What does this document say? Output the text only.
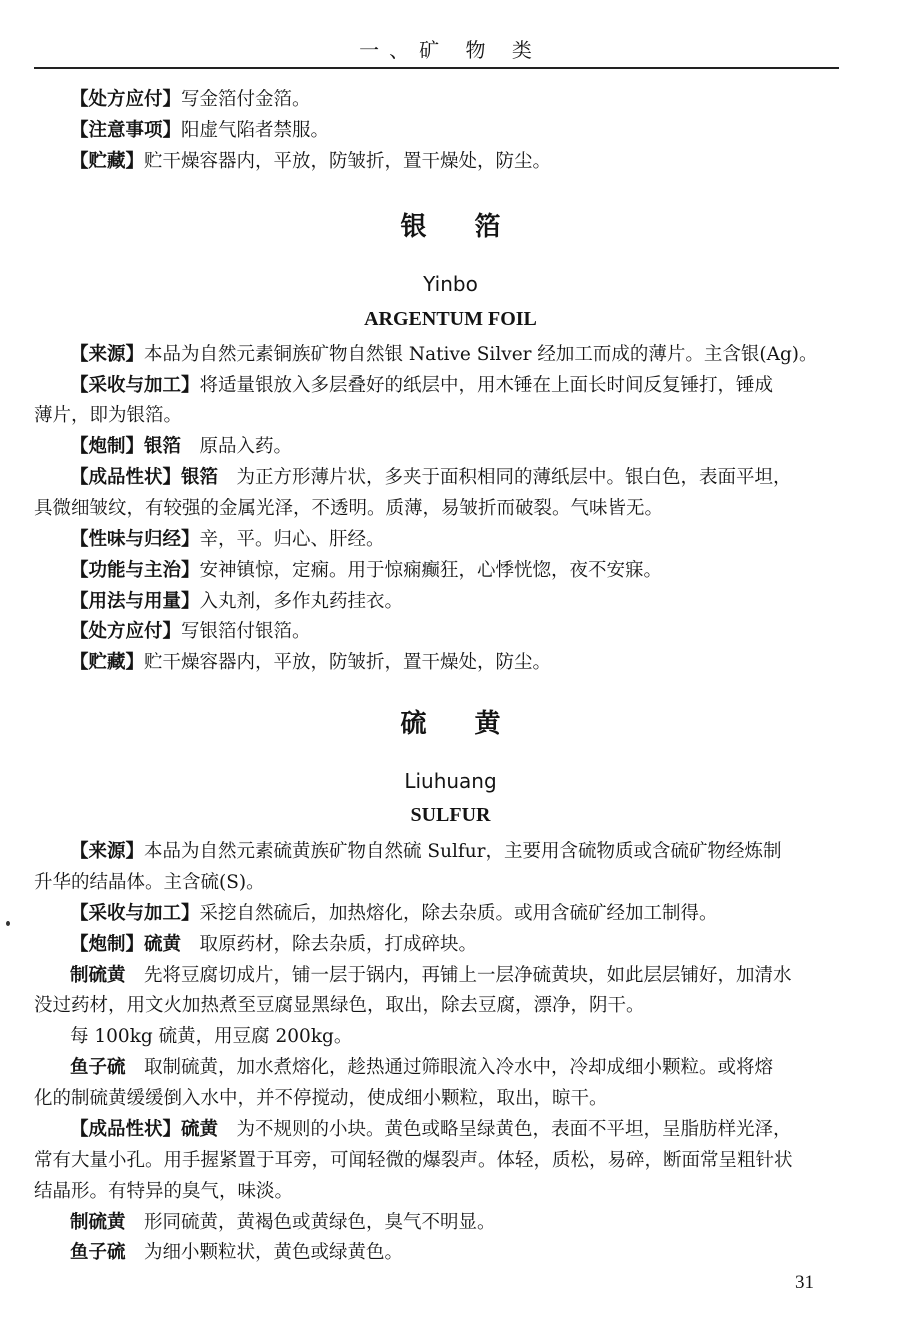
一、矿 物 类
【处方应付】写金箔付金箔。
【注意事项】阳虚气陷者禁服。
【贮藏】贮干燥容器内，平放，防皱折，置干燥处，防尘。
银箔
Yinbo
ARGENTUM FOIL
【来源】本品为自然元素铜族矿物自然银 Native Silver 经加工而成的薄片。主含银(Ag)。
【采收与加工】将适量银放入多层叠好的纸层中，用木锤在上面长时间反复锤打，锤成
薄片，即为银箔。
【炮制】银箔　原品入药。
【成品性状】银箔　为正方形薄片状，多夹于面积相同的薄纸层中。银白色，表面平坦，
具微细皱纹，有较强的金属光泽，不透明。质薄，易皱折而破裂。气味皆无。
【性味与归经】辛，平。归心、肝经。
【功能与主治】安神镇惊，定痫。用于惊痫癫狂，心悸恍惚，夜不安寐。
【用法与用量】入丸剂，多作丸药挂衣。
【处方应付】写银箔付银箔。
【贮藏】贮干燥容器内，平放，防皱折，置干燥处，防尘。
硫黄
Liuhuang
SULFUR
【来源】本品为自然元素硫黄族矿物自然硫 Sulfur，主要用含硫物质或含硫矿物经炼制
升华的结晶体。主含硫(S)。
【采收与加工】采挖自然硫后，加热熔化，除去杂质。或用含硫矿经加工制得。
【炮制】硫黄　取原药材，除去杂质，打成碎块。
制硫黄　先将豆腐切成片，铺一层于锅内，再铺上一层净硫黄块，如此层层铺好，加清水
没过药材，用文火加热煮至豆腐显黑绿色，取出，除去豆腐，漂净，阴干。
每 100kg 硫黄，用豆腐 200kg。
鱼子硫　取制硫黄，加水煮熔化，趁热通过筛眼流入冷水中，冷却成细小颗粒。或将熔
化的制硫黄缓缓倒入水中，并不停搅动，使成细小颗粒，取出，晾干。
【成品性状】硫黄　为不规则的小块。黄色或略呈绿黄色，表面不平坦，呈脂肪样光泽，
常有大量小孔。用手握紧置于耳旁，可闻轻微的爆裂声。体轻，质松，易碎，断面常呈粗针状
结晶形。有特异的臭气，味淡。
制硫黄　形同硫黄，黄褐色或黄绿色，臭气不明显。
鱼子硫　为细小颗粒状，黄色或绿黄色。
31
